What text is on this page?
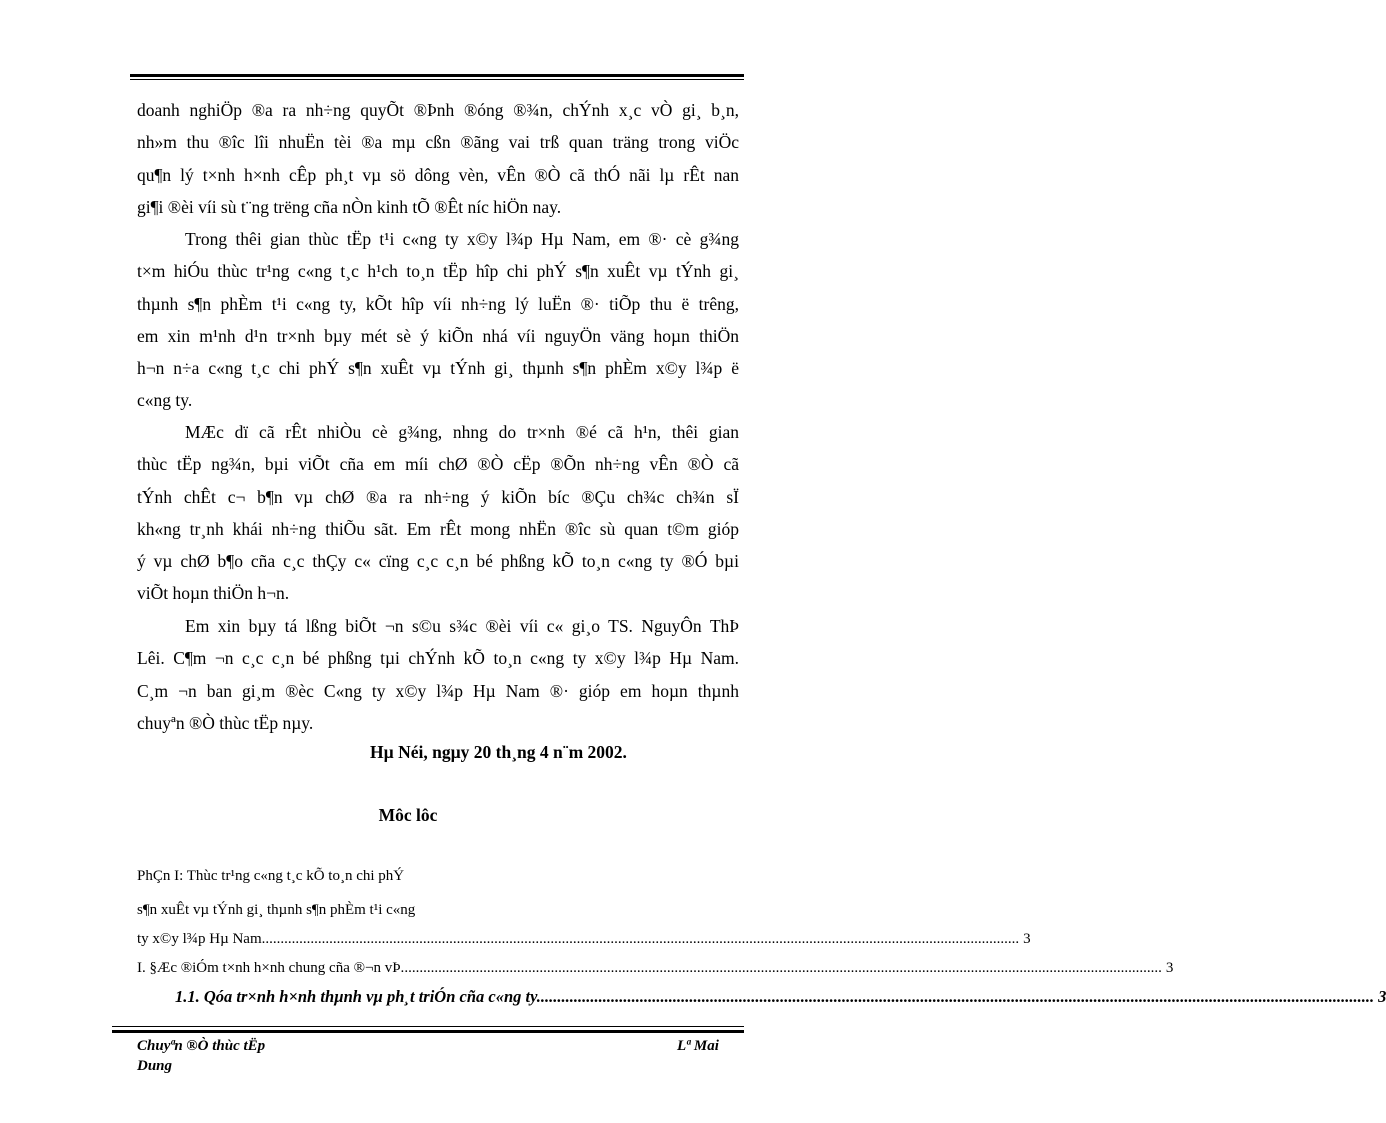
doanh nghiÖp ®a ra nh÷ng quyÕt ®Þnh ®óng ®¾n, chÝnh x¸c vÒ gi¸ b¸n,
nh»m thu ®îc lîi nhuËn tèi ®a mµ cßn ®ãng vai trß quan träng trong viÖc
qu¶n lý t×nh h×nh cÊp ph¸t vµ sö dông vèn, vÊn ®Ò cã thÓ nãi lµ rÊt nan
gi¶i ®èi víi sù t¨ng trëng cña nÒn kinh tÕ ®Êt níc hiÖn nay.
Trong thêi gian thùc tËp t¹i c«ng ty x©y l¾p Hµ Nam, em ®· cè g¾ng
t×m hiÓu thùc tr¹ng c«ng t¸c h¹ch to¸n tËp hîp chi phÝ s¶n xuÊt vµ tÝnh gi¸
thµnh s¶n phÈm t¹i c«ng ty, kÕt hîp víi nh÷ng lý luËn ®· tiÕp thu ë trêng,
em xin m¹nh d¹n tr×nh bµy mét sè ý kiÕn nhá víi nguyÖn väng hoµn thiÖn
h¬n n÷a c«ng t¸c chi phÝ s¶n xuÊt vµ tÝnh gi¸ thµnh s¶n phÈm x©y l¾p ë
c«ng ty.
MÆc dï cã rÊt nhiÒu cè g¾ng, nhng do tr×nh ®é cã h¹n, thêi gian
thùc tËp ng¾n, bµi viÕt cña em míi chØ ®Ò cËp ®Õn nh÷ng vÊn ®Ò cã
tÝnh chÊt c¬ b¶n vµ chØ ®a ra nh÷ng ý kiÕn bíc ®Çu ch¾c ch¾n sÏ
kh«ng tr¸nh khái nh÷ng thiÕu sãt. Em rÊt mong nhËn ®îc sù quan t©m gióp
ý vµ chØ b¶o cña c¸c thÇy c« cïng c¸c c¸n bé phßng kÕ to¸n c«ng ty ®Ó bµi
viÕt hoµn thiÖn h¬n.
Em xin bµy tá lßng biÕt ¬n s©u s¾c ®èi víi c« gi¸o TS. NguyÔn ThÞ
Lêi. C¶m ¬n c¸c c¸n bé phßng tµi chÝnh kÕ to¸n c«ng ty x©y l¾p Hµ Nam.
C¸m ¬n ban gi¸m ®èc C«ng ty x©y l¾p Hµ Nam ®· gióp em hoµn thµnh
chuyªn ®Ò thùc tËp nµy.
Hµ Néi, ngµy 20 th¸ng 4 n¨m 2002.
Môc lôc
PhÇn I: Thùc tr¹ng c«ng t¸c kÕ to¸n chi phÝ
s¶n xuÊt vµ tÝnh gi¸ thµnh s¶n phÈm t¹i c«ng
ty x©y l¾p Hµ Nam .......................................................................................................................................................................................................... 3
I. §Æc ®iÓm t×nh h×nh chung cña ®¬n vÞ. .......................................................................................................................................................................................................... 3
1.1. Qóa tr×nh h×nh thµnh vµ ph¸t triÓn cña c«ng ty. .......................................................................................................................................................................................................... 3
Chuyªn ®Ò thùc tËp
Dung
Lª Mai
